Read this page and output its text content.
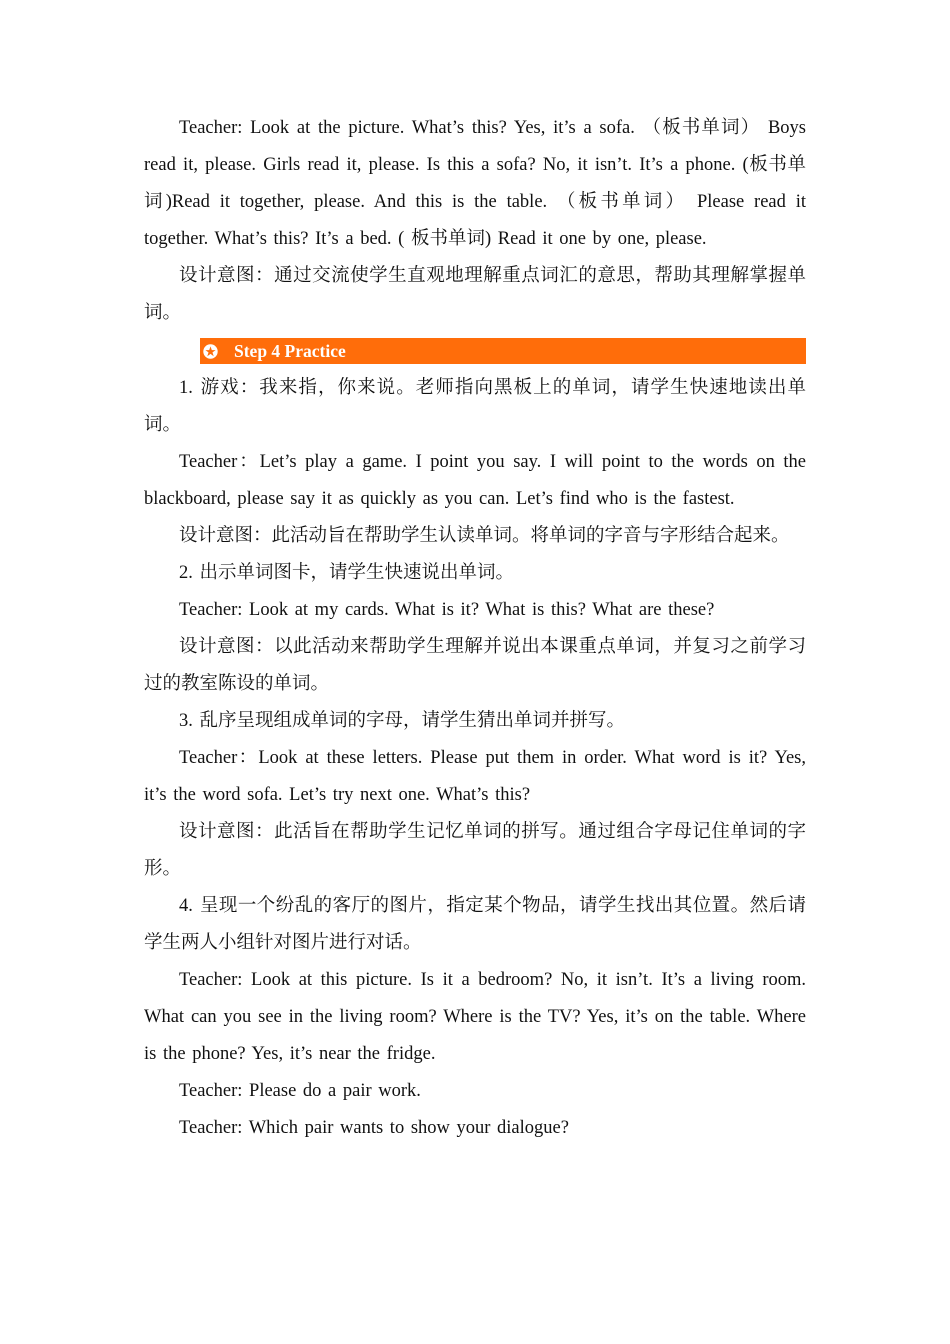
Teacher: Look at the picture. What’s this? Yes, it’s a sofa. （板书单词） Boys read it, please. Girls read it, please. Is this a sofa? No, it isn’t. It’s a phone. (板书单词)Read it together, please. And this is the table. （板书单词） Please read it together. What’s this? It’s a bed. ( 板书单词) Read it one by one, please.

设计意图：通过交流使学生直观地理解重点词汇的意思，帮助其理解掌握单词。

Step 4 Practice

1. 游戏：我来指，你来说。老师指向黑板上的单词，请学生快速地读出单词。

Teacher：Let’s play a game. I point you say. I will point to the words on the blackboard, please say it as quickly as you can. Let’s find who is the fastest.

设计意图：此活动旨在帮助学生认读单词。将单词的字音与字形结合起来。

2. 出示单词图卡，请学生快速说出单词。

Teacher: Look at my cards. What is it? What is this? What are these?

设计意图：以此活动来帮助学生理解并说出本课重点单词，并复习之前学习过的教室陈设的单词。

3. 乱序呈现组成单词的字母，请学生猜出单词并拼写。

Teacher：Look at these letters. Please put them in order. What word is it? Yes, it’s the word sofa. Let’s try next one. What’s this?

设计意图：此活旨在帮助学生记忆单词的拼写。通过组合字母记住单词的字形。

4. 呈现一个纷乱的客厅的图片，指定某个物品，请学生找出其位置。然后请学生两人小组针对图片进行对话。

Teacher: Look at this picture. Is it a bedroom? No, it isn’t. It’s a living room. What can you see in the living room? Where is the TV? Yes, it’s on the table. Where is the phone? Yes, it’s near the fridge.

Teacher: Please do a pair work.

Teacher: Which pair wants to show your dialogue?
